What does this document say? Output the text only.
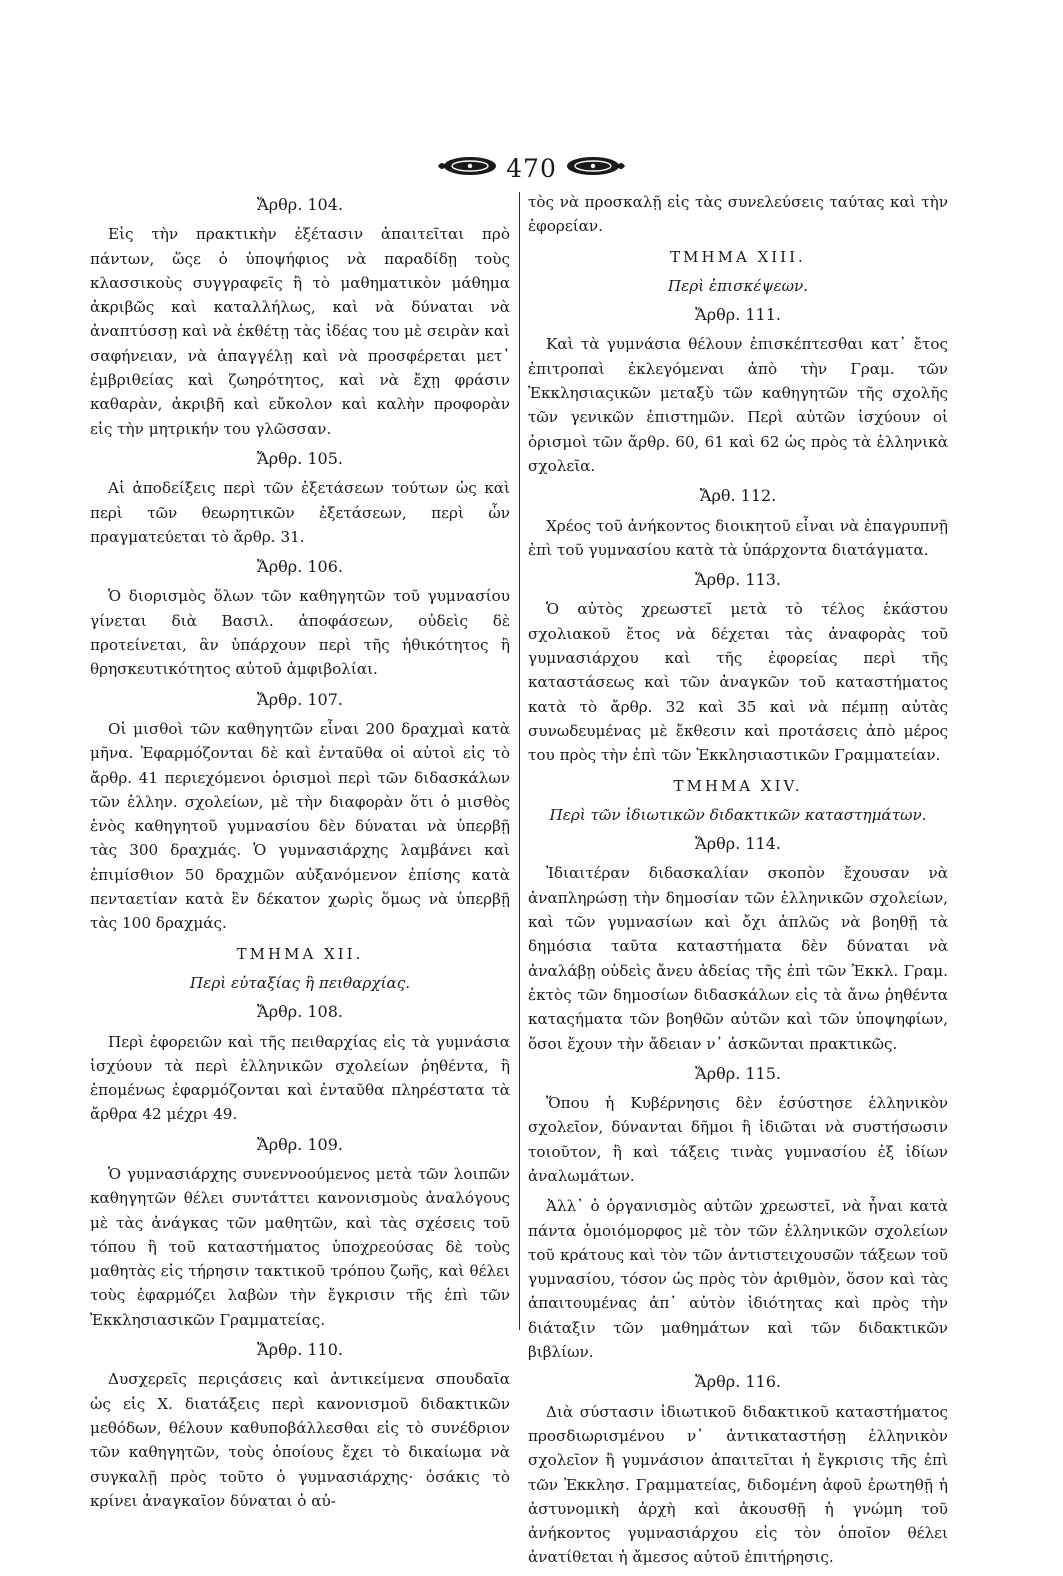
470
Ἄρθρ. 104.
Εἰς τὴν πρακτικὴν ἐξέτασιν ἀπαιτεῖται πρὸ πάντων, ὥςε ὁ ὑποψήφιος νὰ παραδίδῃ τοὺς κλασσικοὺς συγγραφεῖς ἢ τὸ μαθηματικὸν μάθημα ἀκριβῶς καὶ καταλλήλως, καὶ νὰ δύναται νὰ ἀναπτύσσῃ καὶ νὰ ἐκθέτῃ τὰς ἰδέας του μὲ σειρὰν καὶ σαφήνειαν, νὰ ἀπαγγέλῃ καὶ νὰ προσφέρεται μετ᾽ ἐμβριθείας καὶ ζωηρότητος, καὶ νὰ ἔχῃ φράσιν καθαρὰν, ἀκριβῆ καὶ εὔκολον καὶ καλὴν προφορὰν εἰς τὴν μητρικήν του γλῶσσαν.
Ἄρθρ. 105.
Αἱ ἀποδείξεις περὶ τῶν ἐξετάσεων τούτων ὡς καὶ περὶ τῶν θεωρητικῶν ἐξετάσεων, περὶ ὧν πραγματεύεται τὸ ἄρθρ. 31.
Ἄρθρ. 106.
Ὁ διορισμὸς ὅλων τῶν καθηγητῶν τοῦ γυμνασίου γίνεται διὰ Βασιλ. ἀποφάσεων, οὐδεὶς δὲ προτείνεται, ἂν ὑπάρχουν περὶ τῆς ἠθικότητος ἢ θρησκευτικότητος αὐτοῦ ἀμφιβολίαι.
Ἄρθρ. 107.
Οἱ μισθοὶ τῶν καθηγητῶν εἶναι 200 δραχμαὶ κατὰ μῆνα. Ἐφαρμόζονται δὲ καὶ ἐνταῦθα οἱ αὐτοὶ εἰς τὸ ἄρθρ. 41 περιεχόμενοι ὁρισμοὶ περὶ τῶν διδασκάλων τῶν ἑλλην. σχολείων, μὲ τὴν διαφορὰν ὅτι ὁ μισθὸς ἑνὸς καθηγητοῦ γυμνασίου δὲν δύναται νὰ ὑπερβῇ τὰς 300 δραχμάς. Ὁ γυμνασιάρχης λαμβάνει καὶ ἐπιμίσθιον 50 δραχμῶν αὐξανόμενον ἐπίσης κατὰ πενταετίαν κατὰ ἓν δέκατον χωρὶς ὅμως νὰ ὑπερβῇ τὰς 100 δραχμάς.
ΤΜΗΜΑ XII.
Περὶ εὐταξίας ἢ πειθαρχίας.
Ἄρθρ. 108.
Περὶ ἐφορειῶν καὶ τῆς πειθαρχίας εἰς τὰ γυμνάσια ἰσχύουν τὰ περὶ ἑλληνικῶν σχολείων ῥηθέντα, ἢ ἐπομένως ἐφαρμόζονται καὶ ἐνταῦθα πληρέστατα τὰ ἄρθρα 42 μέχρι 49.
Ἄρθρ. 109.
Ὁ γυμνασιάρχης συνεννοούμενος μετὰ τῶν λοιπῶν καθηγητῶν θέλει συντάττει κανονισμοὺς ἀναλόγους μὲ τὰς ἀνάγκας τῶν μαθητῶν, καὶ τὰς σχέσεις τοῦ τόπου ἢ τοῦ καταστήματος ὑποχρεούσας δὲ τοὺς μαθητὰς εἰς τήρησιν τακτικοῦ τρόπου ζωῆς, καὶ θέλει τοὺς ἐφαρμόζει λαβὼν τὴν ἔγκρισιν τῆς ἐπὶ τῶν Ἐκκλησιασικῶν Γραμματείας.
Ἄρθρ. 110.
Δυσχερεῖς περιςάσεις καὶ ἀντικείμενα σπουδαῖα ὡς εἰς Χ. διατάξεις περὶ κανονισμοῦ διδακτικῶν μεθόδων, θέλουν καθυποβάλλεσθαι εἰς τὸ συνέδριον τῶν καθηγητῶν, τοὺς ὁποίους ἔχει τὸ δικαίωμα νὰ συγκαλῇ πρὸς τοῦτο ὁ γυμνασιάρχης· ὁσάκις τὸ κρίνει ἀναγκαῖον δύναται ὁ αὐ-
τὸς νὰ προσκαλῇ εἰς τὰς συνελεύσεις ταύτας καὶ τὴν ἐφορείαν.
ΤΜΗΜΑ XIII.
Περὶ ἐπισκέψεων.
Ἄρθρ. 111.
Καὶ τὰ γυμνάσια θέλουν ἐπισκέπτεσθαι κατ᾽ ἔτος ἐπιτροπαὶ ἐκλεγόμεναι ἀπὸ τὴν Γραμ. τῶν Ἐκκλησιαςικῶν μεταξὺ τῶν καθηγητῶν τῆς σχολῆς τῶν γενικῶν ἐπιστημῶν. Περὶ αὐτῶν ἰσχύουν οἱ ὁρισμοὶ τῶν ἄρθρ. 60, 61 καὶ 62 ὡς πρὸς τὰ ἑλληνικὰ σχολεῖα.
Ἄρθ. 112.
Χρέος τοῦ ἀνήκοντος διοικητοῦ εἶναι νὰ ἐπαγρυπνῇ ἐπὶ τοῦ γυμνασίου κατὰ τὰ ὑπάρχοντα διατάγματα.
Ἄρθρ. 113.
Ὁ αὐτὸς χρεωστεῖ μετὰ τὸ τέλος ἑκάστου σχολιακοῦ ἔτος νὰ δέχεται τὰς ἀναφορὰς τοῦ γυμνασιάρχου καὶ τῆς ἐφορείας περὶ τῆς καταστάσεως καὶ τῶν ἀναγκῶν τοῦ καταστήματος κατὰ τὸ ἄρθρ. 32 καὶ 35 καὶ νὰ πέμπῃ αὐτὰς συνωδευμένας μὲ ἔκθεσιν καὶ προτάσεις ἀπὸ μέρος του πρὸς τὴν ἐπὶ τῶν Ἐκκλησιαστικῶν Γραμματείαν.
ΤΜΗΜΑ XIV.
Περὶ τῶν ἰδιωτικῶν διδακτικῶν καταστημάτων.
Ἄρθρ. 114.
Ἰδιαιτέραν διδασκαλίαν σκοπὸν ἔχουσαν νὰ ἀναπληρώσῃ τὴν δημοσίαν τῶν ἑλληνικῶν σχολείων, καὶ τῶν γυμνασίων καὶ ὄχι ἁπλῶς νὰ βοηθῇ τὰ δημόσια ταῦτα καταστήματα δὲν δύναται νὰ ἀναλάβῃ οὐδεὶς ἄνευ ἀδείας τῆς ἐπὶ τῶν Ἐκκλ. Γραμ. ἐκτὸς τῶν δημοσίων διδασκάλων εἰς τὰ ἄνω ῥηθέντα καταςήματα τῶν βοηθῶν αὐτῶν καὶ τῶν ὑποψηφίων, ὅσοι ἔχουν τὴν ἄδειαν ν᾽ ἀσκῶνται πρακτικῶς.
Ἄρθρ. 115.
Ὅπου ἡ Κυβέρνησις δὲν ἐσύστησε ἑλληνικὸν σχολεῖον, δύνανται δῆμοι ἢ ἰδιῶται νὰ συστήσωσιν τοιοῦτον, ἢ καὶ τάξεις τινὰς γυμνασίου ἐξ ἰδίων ἀναλωμάτων.
Ἀλλ᾽ ὁ ὀργανισμὸς αὐτῶν χρεωστεῖ, νὰ ἦναι κατὰ πάντα ὁμοιόμορφος μὲ τὸν τῶν ἑλληνικῶν σχολείων τοῦ κράτους καὶ τὸν τῶν ἀντιστειχουσῶν τάξεων τοῦ γυμνασίου, τόσον ὡς πρὸς τὸν ἀριθμὸν, ὅσον καὶ τὰς ἀπαιτουμένας ἀπ᾽ αὐτὸν ἰδιότητας καὶ πρὸς τὴν διάταξιν τῶν μαθημάτων καὶ τῶν διδακτικῶν βιβλίων.
Ἄρθρ. 116.
Διὰ σύστασιν ἰδιωτικοῦ διδακτικοῦ καταστήματος προσδιωρισμένου ν᾽ ἀντικαταστήσῃ ἑλληνικὸν σχολεῖον ἢ γυμνάσιον ἀπαιτεῖται ἡ ἔγκρισις τῆς ἐπὶ τῶν Ἐκκλησ. Γραμματείας, διδομένη ἀφοῦ ἐρωτηθῇ ἡ ἀστυνομικὴ ἀρχὴ καὶ ἀκουσθῇ ἡ γνώμη τοῦ ἀνήκοντος γυμνασιάρχου εἰς τὸν ὁποῖον θέλει ἀνατίθεται ἡ ἄμεσος αὐτοῦ ἐπιτήρησις.
